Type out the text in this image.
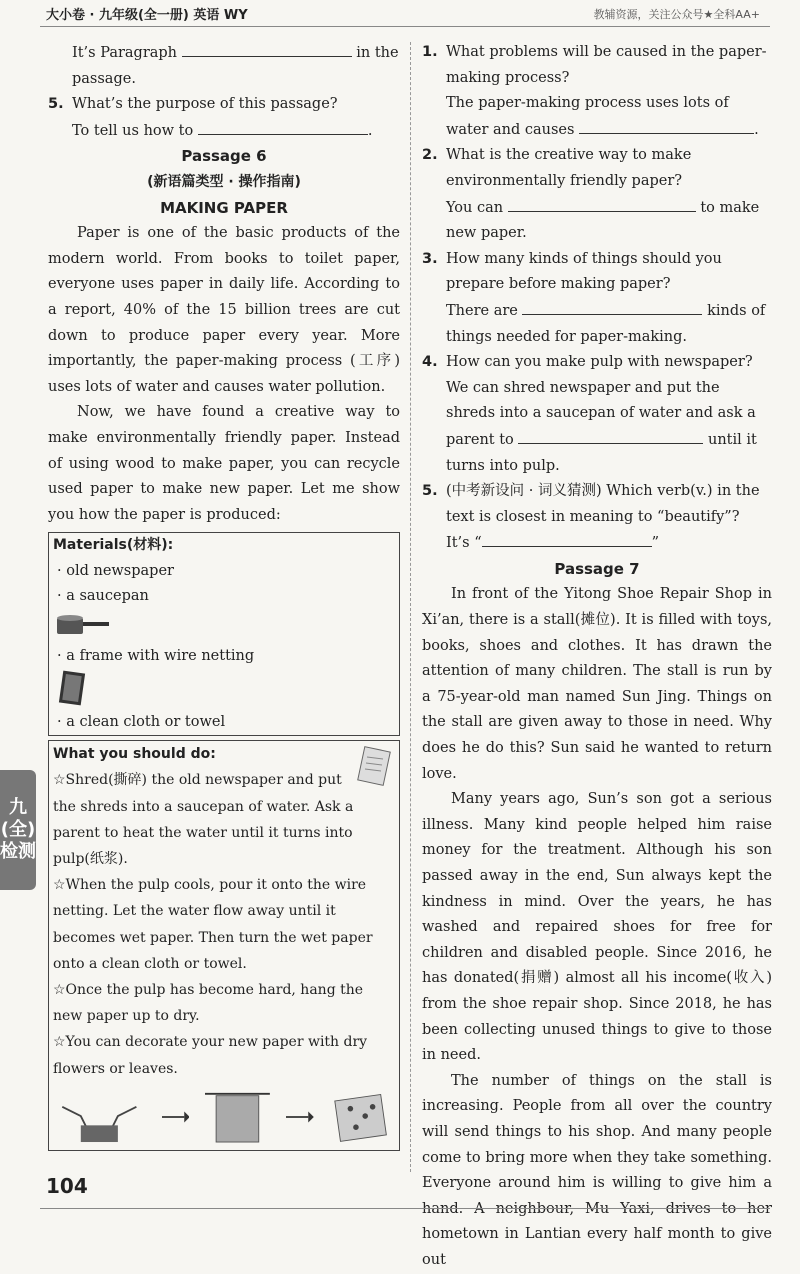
大小卷 · 九年级(全一册) 英语 WY	教辅资源，关注公众号★全科AA+
九(全)检测

It’s Paragraph	in the

passage.

5. What’s the purpose of this passage?

To tell us how to	.

Passage 6
(新语篇类型 · 操作指南)
MAKING PAPER

Paper is one of the basic products of the modern world. From books to toilet paper, everyone uses paper in daily life. According to a report, 40% of the 15 billion trees are cut down to produce paper every year. More importantly, the paper-making process (工序) uses lots of water and causes water pollution.

Now, we have found a creative way to make environmentally friendly paper. Instead of using wood to make paper, you can recycle used paper to make new paper. Let me show you how the paper is produced:

Materials(材料):
· old newspaper
· a saucepan
· a frame with wire netting
· a clean cloth or towel
What you should do:

☆Shred(撕碎) the old newspaper and put the shreds into a saucepan of water. Ask a parent to heat the water until it turns into pulp(纸浆).

☆When the pulp cools, pour it onto the wire netting. Let the water flow away until it becomes wet paper. Then turn the wet paper onto a clean cloth or towel.

☆Once the pulp has become hard, hang the new paper up to dry.

☆You can decorate your new paper with dry flowers or leaves.

1. What problems will be caused in the paper-making process?

The paper-making process uses lots of water and causes	.

2. What is the creative way to make environmentally friendly paper?

You can	to make new paper.

3. How many kinds of things should you prepare before making paper?

There are	kinds of things needed for paper-making.

4. How can you make pulp with newspaper?

We can shred newspaper and put the shreds into a saucepan of water and ask a parent to	until it turns into pulp.

5. (中考新设问 · 词义猜测) Which verb(v.) in the text is closest in meaning to “beautify”?

It’s “	”

Passage 7

In front of the Yitong Shoe Repair Shop in Xi’an, there is a stall(摊位). It is filled with toys, books, shoes and clothes. It has drawn the attention of many children. The stall is run by a 75-year-old man named Sun Jing. Things on the stall are given away to those in need. Why does he do this? Sun said he wanted to return love.

Many years ago, Sun’s son got a serious illness. Many kind people helped him raise money for the treatment. Although his son passed away in the end, Sun always kept the kindness in mind. Over the years, he has washed and repaired shoes for free for children and disabled people. Since 2016, he has donated(捐赠) almost all his income(收入) from the shoe repair shop. Since 2018, he has been collecting unused things to give to those in need.

The number of things on the stall is increasing. People from all over the country will send things to his shop. And many people come to bring more when they take something. Everyone around him is willing to give him a hand. A neighbour, Mu Yaxi, drives to her hometown in Lantian every half month to give out

104
